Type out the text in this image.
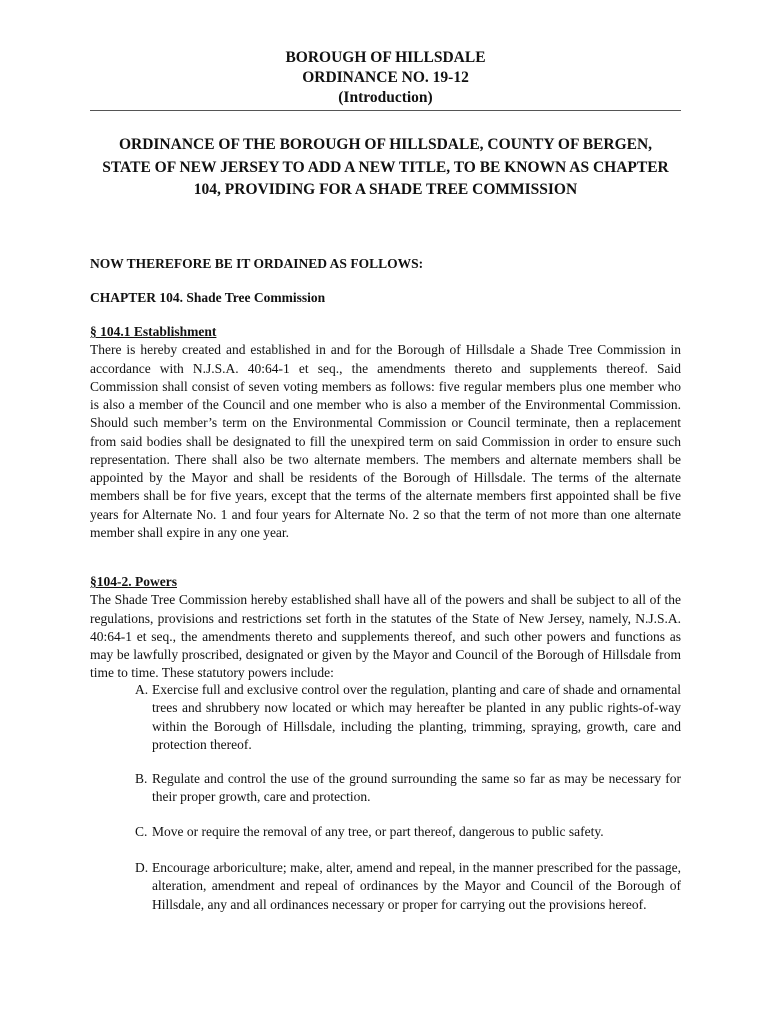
BOROUGH OF HILLSDALE
ORDINANCE NO. 19-12
(Introduction)
ORDINANCE OF THE BOROUGH OF HILLSDALE, COUNTY OF BERGEN, STATE OF NEW JERSEY TO ADD A NEW TITLE, TO BE KNOWN AS CHAPTER 104, PROVIDING FOR A SHADE TREE COMMISSION
NOW THEREFORE BE IT ORDAINED AS FOLLOWS:
CHAPTER 104. Shade Tree Commission
§ 104.1 Establishment
There is hereby created and established in and for the Borough of Hillsdale a Shade Tree Commission in accordance with N.J.S.A. 40:64-1 et seq., the amendments thereto and supplements thereof. Said Commission shall consist of seven voting members as follows: five regular members plus one member who is also a member of the Council and one member who is also a member of the Environmental Commission. Should such member’s term on the Environmental Commission or Council terminate, then a replacement from said bodies shall be designated to fill the unexpired term on said Commission in order to ensure such representation. There shall also be two alternate members. The members and alternate members shall be appointed by the Mayor and shall be residents of the Borough of Hillsdale. The terms of the alternate members shall be for five years, except that the terms of the alternate members first appointed shall be five years for Alternate No. 1 and four years for Alternate No. 2 so that the term of not more than one alternate member shall expire in any one year.
§104-2. Powers
The Shade Tree Commission hereby established shall have all of the powers and shall be subject to all of the regulations, provisions and restrictions set forth in the statutes of the State of New Jersey, namely, N.J.S.A. 40:64-1 et seq., the amendments thereto and supplements thereof, and such other powers and functions as may be lawfully proscribed, designated or given by the Mayor and Council of the Borough of Hillsdale from time to time. These statutory powers include:
A. Exercise full and exclusive control over the regulation, planting and care of shade and ornamental trees and shrubbery now located or which may hereafter be planted in any public rights-of-way within the Borough of Hillsdale, including the planting, trimming, spraying, growth, care and protection thereof.
B. Regulate and control the use of the ground surrounding the same so far as may be necessary for their proper growth, care and protection.
C. Move or require the removal of any tree, or part thereof, dangerous to public safety.
D. Encourage arboriculture; make, alter, amend and repeal, in the manner prescribed for the passage, alteration, amendment and repeal of ordinances by the Mayor and Council of the Borough of Hillsdale, any and all ordinances necessary or proper for carrying out the provisions hereof.
